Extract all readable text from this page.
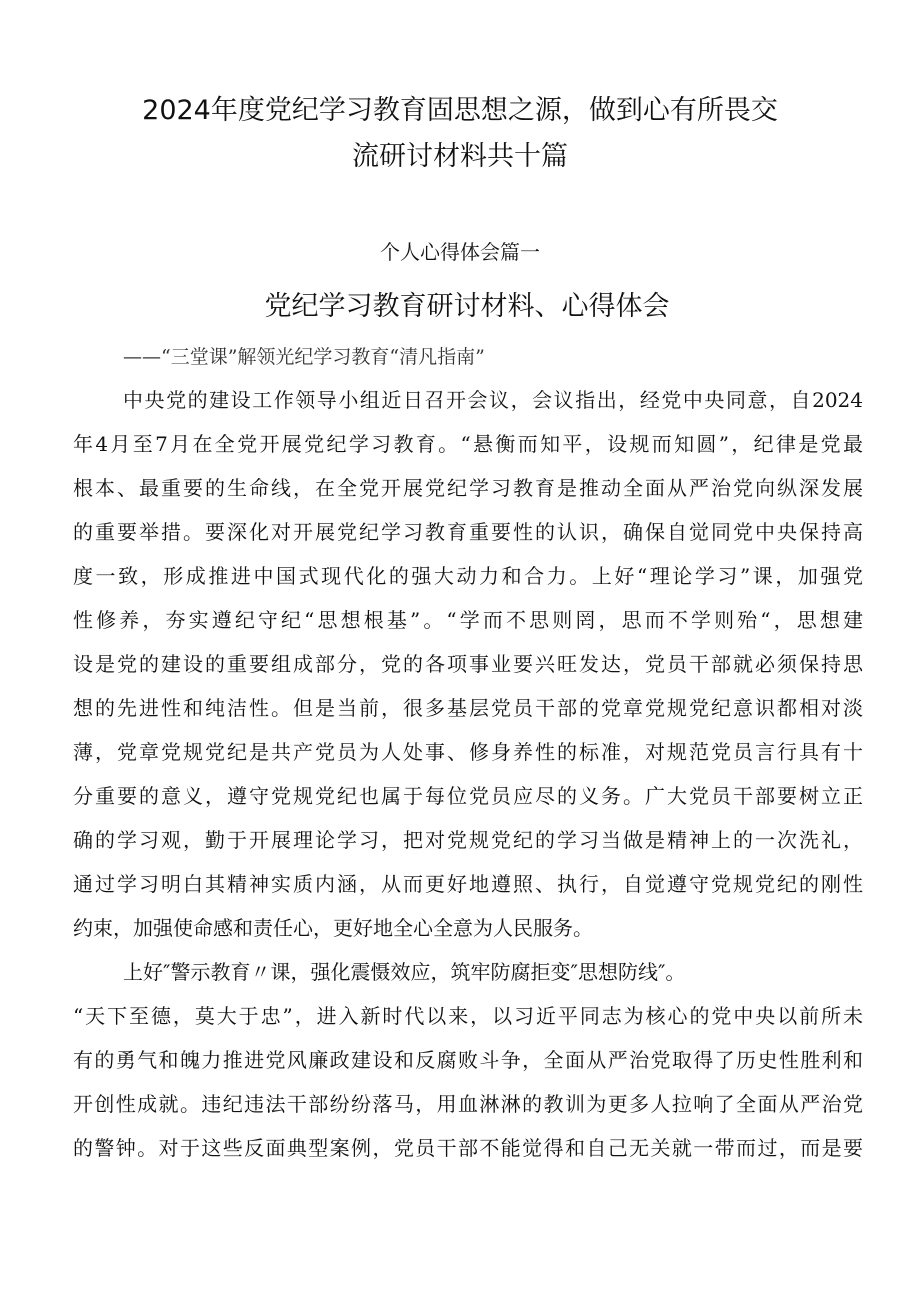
2024年度党纪学习教育固思想之源，做到心有所畏交
流研讨材料共十篇
个人心得体会篇一
党纪学习教育研讨材料、心得体会
——“三堂课”解领光纪学习教育“清凡指南”
中央党的建设工作领导小组近日召开会议，会议指出，经党中央同意，自2024
年4月至7月在全党开展党纪学习教育。“悬衡而知平，设规而知圆”，纪律是党最
根本、最重要的生命线，在全党开展党纪学习教育是推动全面从严治党向纵深发展
的重要举措。要深化对开展党纪学习教育重要性的认识，确保自觉同党中央保持高
度一致，形成推进中国式现代化的强大动力和合力。上好“理论学习”课，加强党
性修养，夯实遵纪守纪“思想根基”。“学而不思则罔，思而不学则殆“，思想建
设是党的建设的重要组成部分，党的各项事业要兴旺发达，党员干部就必须保持思
想的先进性和纯洁性。但是当前，很多基层党员干部的党章党规党纪意识都相对淡
薄，党章党规党纪是共产党员为人处事、修身养性的标准，对规范党员言行具有十
分重要的意义，遵守党规党纪也属于每位党员应尽的义务。广大党员干部要树立正
确的学习观，勤于开展理论学习，把对党规党纪的学习当做是精神上的一次洗礼，
通过学习明白其精神实质内涵，从而更好地遵照、执行，自觉遵守党规党纪的刚性
约束，加强使命感和责任心，更好地全心全意为人民服务。
上好″警示教育〃课，强化震慑效应，筑牢防腐拒变″思想防线″。
“天下至德，莫大于忠”，进入新时代以来，以习近平同志为核心的党中央以前所未
有的勇气和魄力推进党风廉政建设和反腐败斗争，全面从严治党取得了历史性胜利和
开创性成就。违纪违法干部纷纷落马，用血淋淋的教训为更多人拉响了全面从严治党
的警钟。对于这些反面典型案例，党员干部不能觉得和自己无关就一带而过，而是要
